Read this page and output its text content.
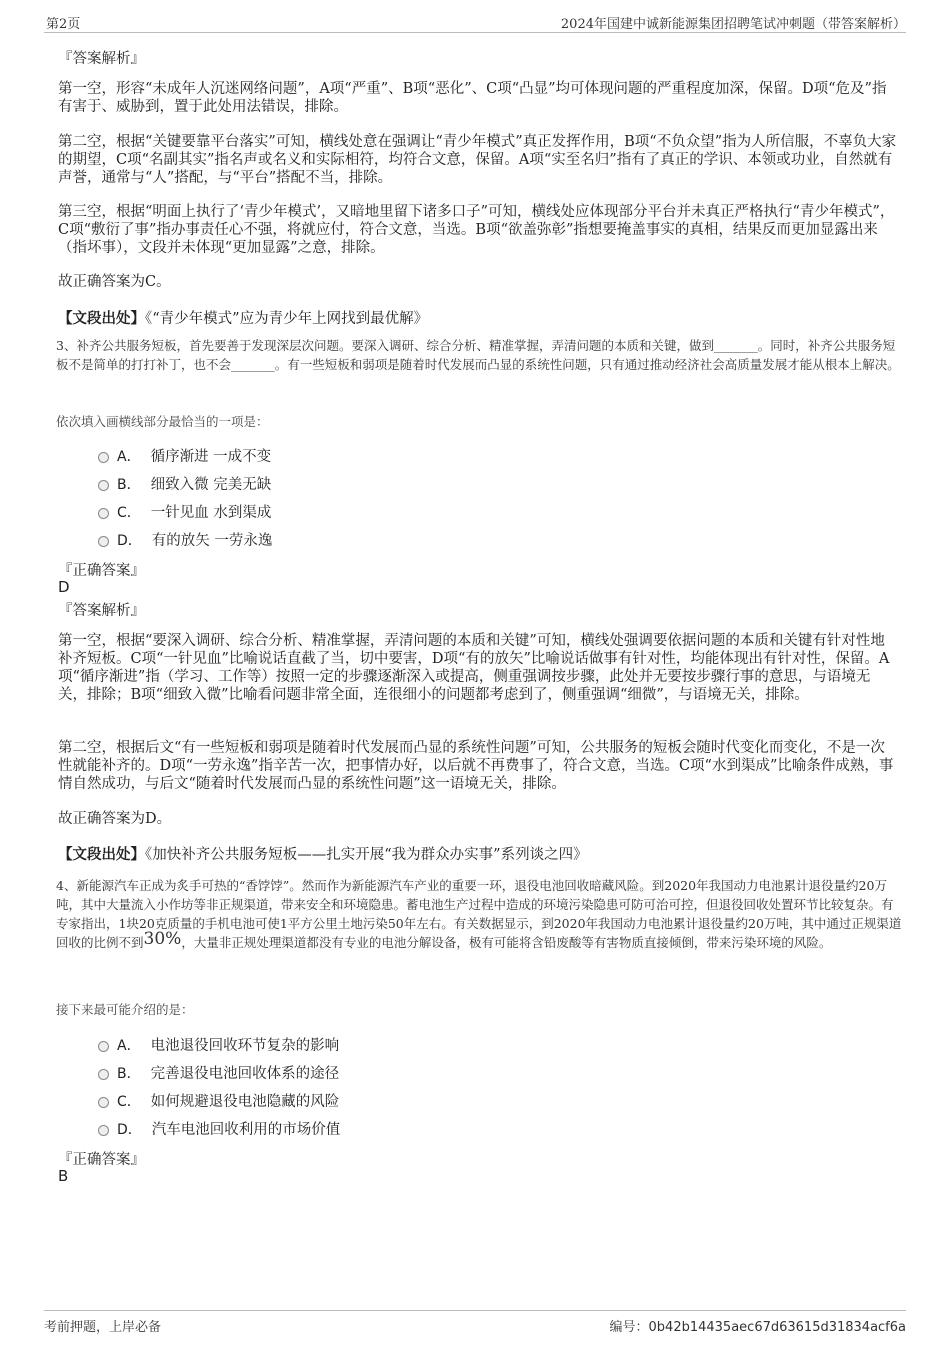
第2页	2024年国建中诚新能源集团招聘笔试冲刺题（带答案解析）
『答案解析』
第一空，形容“未成年人沉迷网络问题”，A项“严重”、B项“恶化”、C项“凸显”均可体现问题的严重程度加深，保留。D项“危及”指有害于、威胁到，置于此处用法错误，排除。
第二空，根据“关键要靠平台落实”可知，横线处意在强调让“青少年模式”真正发挥作用，B项“不负众望”指为人所信服，不辜负大家的期望，C项“名副其实”指名声或名义和实际相符，均符合文意，保留。A项“实至名归”指有了真正的学识、本领或功业，自然就有声誉，通常与“人”搭配，与“平台”搭配不当，排除。
第三空，根据“明面上执行了‘青少年模式’，又暗地里留下诸多口子”可知，横线处应体现部分平台并未真正严格执行“青少年模式”，C项“敷衍了事”指办事责任心不强，将就应付，符合文意，当选。B项“欲盖弥彰”指想要掩盖事实的真相，结果反而更加显露出来（指坏事），文段并未体现“更加显露”之意，排除。
故正确答案为C。
【文段出处】《“青少年模式”应为青少年上网找到最优解》
3、补齐公共服务短板，首先要善于发现深层次问题。要深入调研、综合分析、精准掌握，弄清问题的本质和关键，做到_______。同时，补齐公共服务短板不是简单的打打补丁，也不会_______。有一些短板和弱项是随着时代发展而凸显的系统性问题，只有通过推动经济社会高质量发展才能从根本上解决。
依次填入画横线部分最恰当的一项是：
A． 循序渐进 一成不变
B． 细致入微 完美无缺
C． 一针见血 水到渠成
D． 有的放矢 一劳永逸
『正确答案』
D
『答案解析』
第一空，根据“要深入调研、综合分析、精准掌握，弄清问题的本质和关键”可知，横线处强调要依据问题的本质和关键有针对性地补齐短板。C项“一针见血”比喻说话直截了当，切中要害，D项“有的放矢”比喻说话做事有针对性，均能体现出有针对性，保留。A项“循序渐进”指（学习、工作等）按照一定的步骤逐渐深入或提高，侧重强调按步骤，此处并无要按步骤行事的意思，与语境无关，排除；B项“细致入微”比喻看问题非常全面，连很细小的问题都考虑到了，侧重强调“细微”，与语境无关，排除。
第二空，根据后文“有一些短板和弱项是随着时代发展而凸显的系统性问题”可知，公共服务的短板会随时代变化而变化，不是一次性就能补齐的。D项“一劳永逸”指辛苦一次，把事情办好，以后就不再费事了，符合文意，当选。C项“水到渠成”比喻条件成熟，事情自然成功，与后文“随着时代发展而凸显的系统性问题”这一语境无关，排除。
故正确答案为D。
【文段出处】《加快补齐公共服务短板——扎实开展“我为群众办实事”系列谈之四》
4、新能源汽车正成为炙手可热的“香饽饽”。然而作为新能源汽车产业的重要一环，退役电池回收暗藏风险。到2020年我国动力电池累计退役量约20万吨，其中大量流入小作坊等非正规渠道，带来安全和环境隐患。蓄电池生产过程中造成的环境污染隐患可防可治可控，但退役回收处置环节比较复杂。有专家指出，1块20克质量的手机电池可使1平方公里土地污染50年左右。有关数据显示，到2020年我国动力电池累计退役量约20万吨，其中通过正规渠道回收的比例不到30%，大量非正规处理渠道都没有专业的电池分解设备，极有可能将含铅废酸等有害物质直接倾倒，带来污染环境的风险。
接下来最可能介绍的是：
A． 电池退役回收环节复杂的影响
B． 完善退役电池回收体系的途径
C． 如何规避退役电池隐藏的风险
D． 汽车电池回收利用的市场价值
『正确答案』
B
考前押题，上岸必备	编号：0b42b14435aec67d63615d31834acf6a
